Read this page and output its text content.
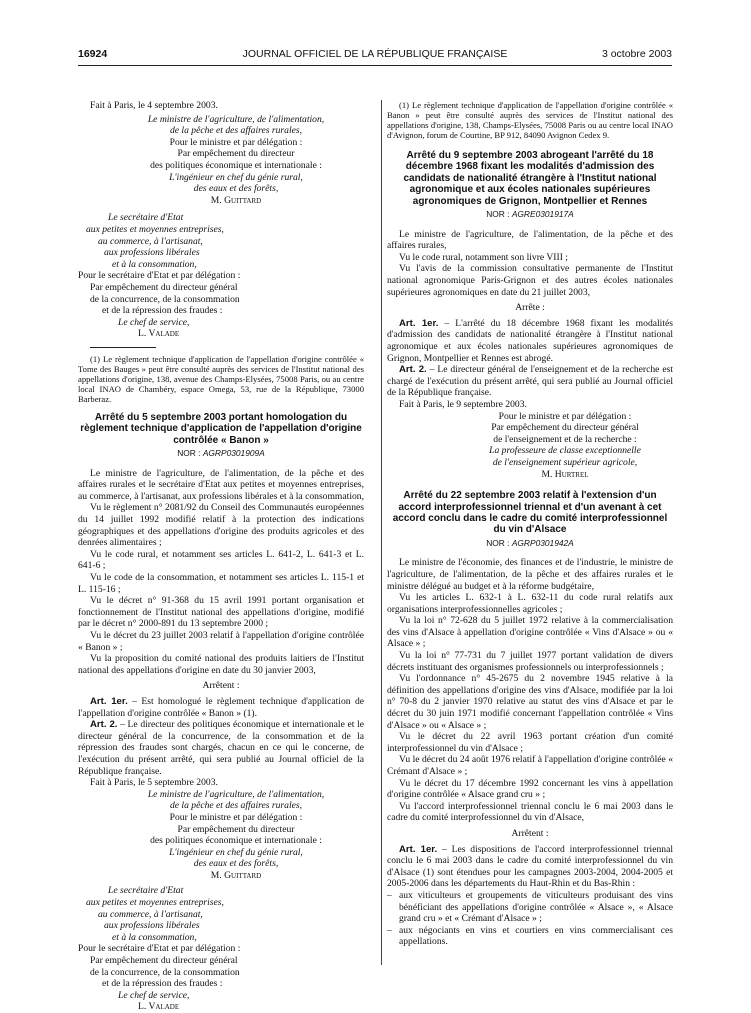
16924	JOURNAL OFFICIEL DE LA RÉPUBLIQUE FRANÇAISE	3 octobre 2003

Fait à Paris, le 4 septembre 2003.

Le ministre de l'agriculture, de l'alimentation,

de la pêche et des affaires rurales,

Pour le ministre et par délégation :

Par empêchement du directeur

des politiques économique et internationale :

L'ingénieur en chef du génie rural,

des eaux et des forêts,

M. Guittard

Le secrétaire d'Etat

aux petites et moyennes entreprises,

au commerce, à l'artisanat,

aux professions libérales

et à la consommation,

Pour le secrétaire d'Etat et par délégation :

Par empêchement du directeur général

de la concurrence, de la consommation

et de la répression des fraudes :

Le chef de service,

L. Valade

(1) Le règlement technique d'application de l'appellation d'origine contrôlée « Tome des Bauges » peut être consulté auprès des services de l'Institut national des appellations d'origine, 138, avenue des Champs-Elysées, 75008 Paris, ou au centre local INAO de Chambéry, espace Omega, 53, rue de la République, 73000 Barberaz.

Arrêté du 5 septembre 2003 portant homologation du règlement technique d'application de l'appellation d'origine contrôlée « Banon »

NOR : AGRP0301909A

Le ministre de l'agriculture, de l'alimentation, de la pêche et des affaires rurales et le secrétaire d'Etat aux petites et moyennes entreprises, au commerce, à l'artisanat, aux professions libérales et à la consommation,

Vu le règlement n° 2081/92 du Conseil des Communautés européennes du 14 juillet 1992 modifié relatif à la protection des indications géographiques et des appellations d'origine des produits agricoles et des denrées alimentaires ;

Vu le code rural, et notamment ses articles L. 641-2, L. 641-3 et L. 641-6 ;

Vu le code de la consommation, et notamment ses articles L. 115-1 et L. 115-16 ;

Vu le décret n° 91-368 du 15 avril 1991 portant organisation et fonctionnement de l'Institut national des appellations d'origine, modifié par le décret n° 2000-891 du 13 septembre 2000 ;

Vu le décret du 23 juillet 2003 relatif à l'appellation d'origine contrôlée « Banon » ;

Vu la proposition du comité national des produits laitiers de l'Institut national des appellations d'origine en date du 30 janvier 2003,

Arrêtent :

Art. 1er. – Est homologué le règlement technique d'application de l'appellation d'origine contrôlée « Banon » (1).

Art. 2. – Le directeur des politiques économique et internationale et le directeur général de la concurrence, de la consommation et de la répression des fraudes sont chargés, chacun en ce qui le concerne, de l'exécution du présent arrêté, qui sera publié au Journal officiel de la République française.

Fait à Paris, le 5 septembre 2003.

Le ministre de l'agriculture, de l'alimentation,

de la pêche et des affaires rurales,

Pour le ministre et par délégation :

Par empêchement du directeur

des politiques économique et internationale :

L'ingénieur en chef du génie rural,

des eaux et des forêts,

M. Guittard

Le secrétaire d'Etat

aux petites et moyennes entreprises,

au commerce, à l'artisanat,

aux professions libérales

et à la consommation,

Pour le secrétaire d'Etat et par délégation :

Par empêchement du directeur général

de la concurrence, de la consommation

et de la répression des fraudes :

Le chef de service,

L. Valade

(1) Le règlement technique d'application de l'appellation d'origine contrôlée « Banon » peut être consulté auprès des services de l'Institut national des appellations d'origine, 138, Champs-Elysées, 75008 Paris ou au centre local INAO d'Avignon, forum de Courtine, BP 912, 84090 Avignon Cedex 9.

Arrêté du 9 septembre 2003 abrogeant l'arrêté du 18 décembre 1968 fixant les modalités d'admission des candidats de nationalité étrangère à l'Institut national agronomique et aux écoles nationales supérieures agronomiques de Grignon, Montpellier et Rennes

NOR : AGRE0301917A

Le ministre de l'agriculture, de l'alimentation, de la pêche et des affaires rurales,

Vu le code rural, notamment son livre VIII ;

Vu l'avis de la commission consultative permanente de l'Institut national agronomique Paris-Grignon et des autres écoles nationales supérieures agronomiques en date du 21 juillet 2003,

Arrête :

Art. 1er. – L'arrêté du 18 décembre 1968 fixant les modalités d'admission des candidats de nationalité étrangère à l'Institut national agronomique et aux écoles nationales supérieures agronomiques de Grignon, Montpellier et Rennes est abrogé.

Art. 2. – Le directeur général de l'enseignement et de la recherche est chargé de l'exécution du présent arrêté, qui sera publié au Journal officiel de la République française.

Fait à Paris, le 9 septembre 2003.

Pour le ministre et par délégation :

Par empêchement du directeur général

de l'enseignement et de la recherche :

La professeure de classe exceptionnelle

de l'enseignement supérieur agricole,

M. Hurtrel

Arrêté du 22 septembre 2003 relatif à l'extension d'un accord interprofessionnel triennal et d'un avenant à cet accord conclu dans le cadre du comité interprofessionnel du vin d'Alsace

NOR : AGRP0301942A

Le ministre de l'économie, des finances et de l'industrie, le ministre de l'agriculture, de l'alimentation, de la pêche et des affaires rurales et le ministre délégué au budget et à la réforme budgétaire,

Vu les articles L. 632-1 à L. 632-11 du code rural relatifs aux organisations interprofessionnelles agricoles ;

Vu la loi n° 72-628 du 5 juillet 1972 relative à la commercialisation des vins d'Alsace à appellation d'origine contrôlée « Vins d'Alsace » ou « Alsace » ;

Vu la loi n° 77-731 du 7 juillet 1977 portant validation de divers décrets instituant des organismes professionnels ou interprofessionnels ;

Vu l'ordonnance n° 45-2675 du 2 novembre 1945 relative à la définition des appellations d'origine des vins d'Alsace, modifiée par la loi n° 70-8 du 2 janvier 1970 relative au statut des vins d'Alsace et par le décret du 30 juin 1971 modifié concernant l'appellation contrôlée « Vins d'Alsace » ou « Alsace » ;

Vu le décret du 22 avril 1963 portant création d'un comité interprofessionnel du vin d'Alsace ;

Vu le décret du 24 août 1976 relatif à l'appellation d'origine contrôlée « Crémant d'Alsace » ;

Vu le décret du 17 décembre 1992 concernant les vins à appellation d'origine contrôlée « Alsace grand cru » ;

Vu l'accord interprofessionnel triennal conclu le 6 mai 2003 dans le cadre du comité interprofessionnel du vin d'Alsace,

Arrêtent :

Art. 1er. – Les dispositions de l'accord interprofessionnel triennal conclu le 6 mai 2003 dans le cadre du comité interprofessionnel du vin d'Alsace (1) sont étendues pour les campagnes 2003-2004, 2004-2005 et 2005-2006 dans les départements du Haut-Rhin et du Bas-Rhin :

– aux viticulteurs et groupements de viticulteurs produisant des vins bénéficiant des appellations d'origine contrôlée « Alsace », « Alsace grand cru » et « Crémant d'Alsace » ;
– aux négociants en vins et courtiers en vins commercialisant ces appellations.
